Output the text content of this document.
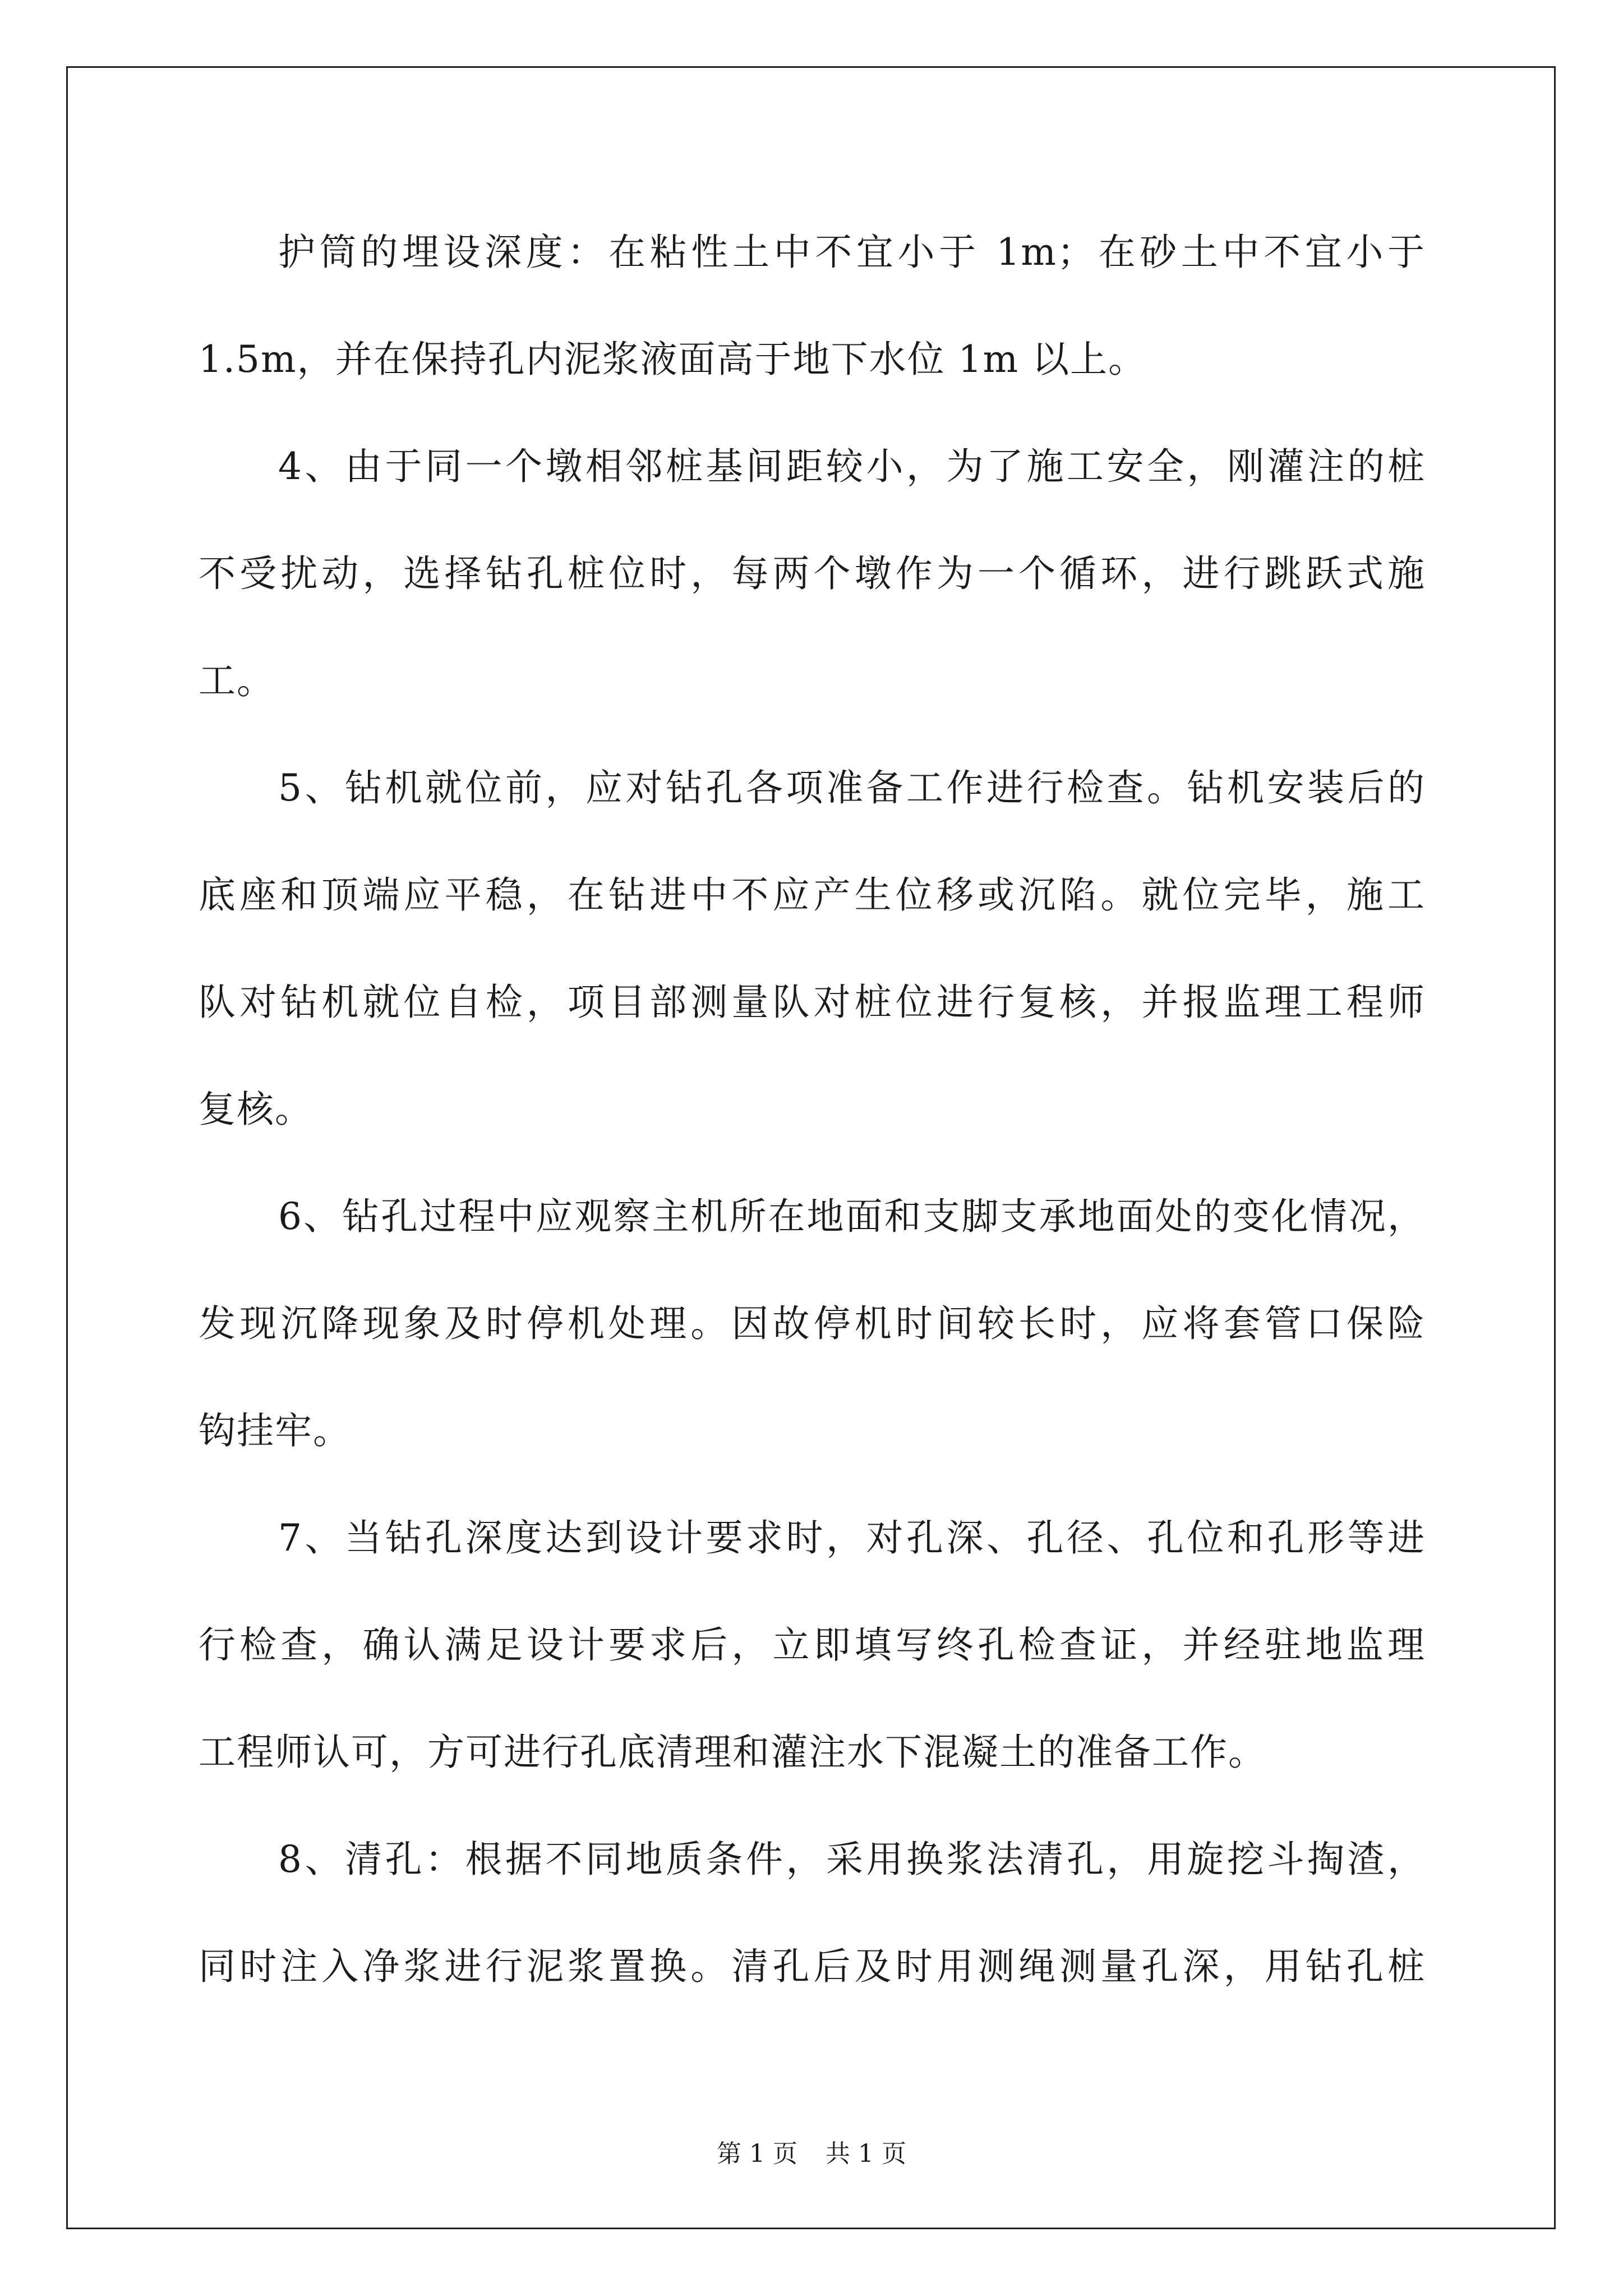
护筒的埋设深度：在粘性土中不宜小于 1m；在砂土中不宜小于
1.5m，并在保持孔内泥浆液面高于地下水位 1m 以上。
4、由于同一个墩相邻桩基间距较小，为了施工安全，刚灌注的桩
不受扰动，选择钻孔桩位时，每两个墩作为一个循环，进行跳跃式施
工。
5、钻机就位前，应对钻孔各项准备工作进行检查。钻机安装后的
底座和顶端应平稳，在钻进中不应产生位移或沉陷。就位完毕，施工
队对钻机就位自检，项目部测量队对桩位进行复核，并报监理工程师
复核。
6、钻孔过程中应观察主机所在地面和支脚支承地面处的变化情况，
发现沉降现象及时停机处理。因故停机时间较长时，应将套管口保险
钩挂牢。
7、当钻孔深度达到设计要求时，对孔深、孔径、孔位和孔形等进
行检查，确认满足设计要求后，立即填写终孔检查证，并经驻地监理
工程师认可，方可进行孔底清理和灌注水下混凝土的准备工作。
8、清孔：根据不同地质条件，采用换浆法清孔，用旋挖斗掏渣，
同时注入净浆进行泥浆置换。清孔后及时用测绳测量孔深，用钻孔桩
第 1 页 共 1 页
